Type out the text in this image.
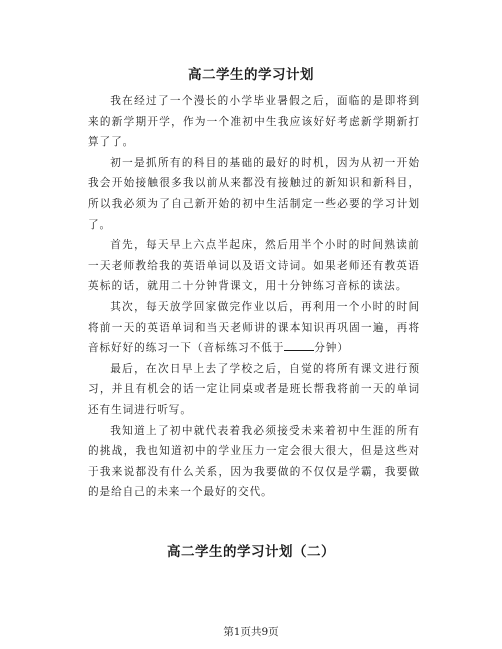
高二学生的学习计划

我在经过了一个漫长的小学毕业暑假之后，面临的是即将到来的新学期开学，作为一个准初中生我应该好好考虑新学期新打算了了。

初一是抓所有的科目的基础的最好的时机，因为从初一开始我会开始接触很多我以前从来都没有接触过的新知识和新科目，所以我必须为了自己新开始的初中生活制定一些必要的学习计划了。

首先，每天早上六点半起床，然后用半个小时的时间熟读前一天老师教给我的英语单词以及语文诗词。如果老师还有教英语英标的话，就用二十分钟背课文，用十分钟练习音标的读法。

其次，每天放学回家做完作业以后，再利用一个小时的时间将前一天的英语单词和当天老师讲的课本知识再巩固一遍，再将音标好好的练习一下（音标练习不低于	分钟）

最后，在次日早上去了学校之后，自觉的将所有课文进行预习，并且有机会的话一定让同桌或者是班长帮我将前一天的单词还有生词进行听写。

我知道上了初中就代表着我必须接受未来着初中生涯的所有的挑战，我也知道初中的学业压力一定会很大很大，但是这些对于我来说都没有什么关系，因为我要做的不仅仅是学霸，我要做的是给自己的未来一个最好的交代。

高二学生的学习计划（二）
第1页共9页
